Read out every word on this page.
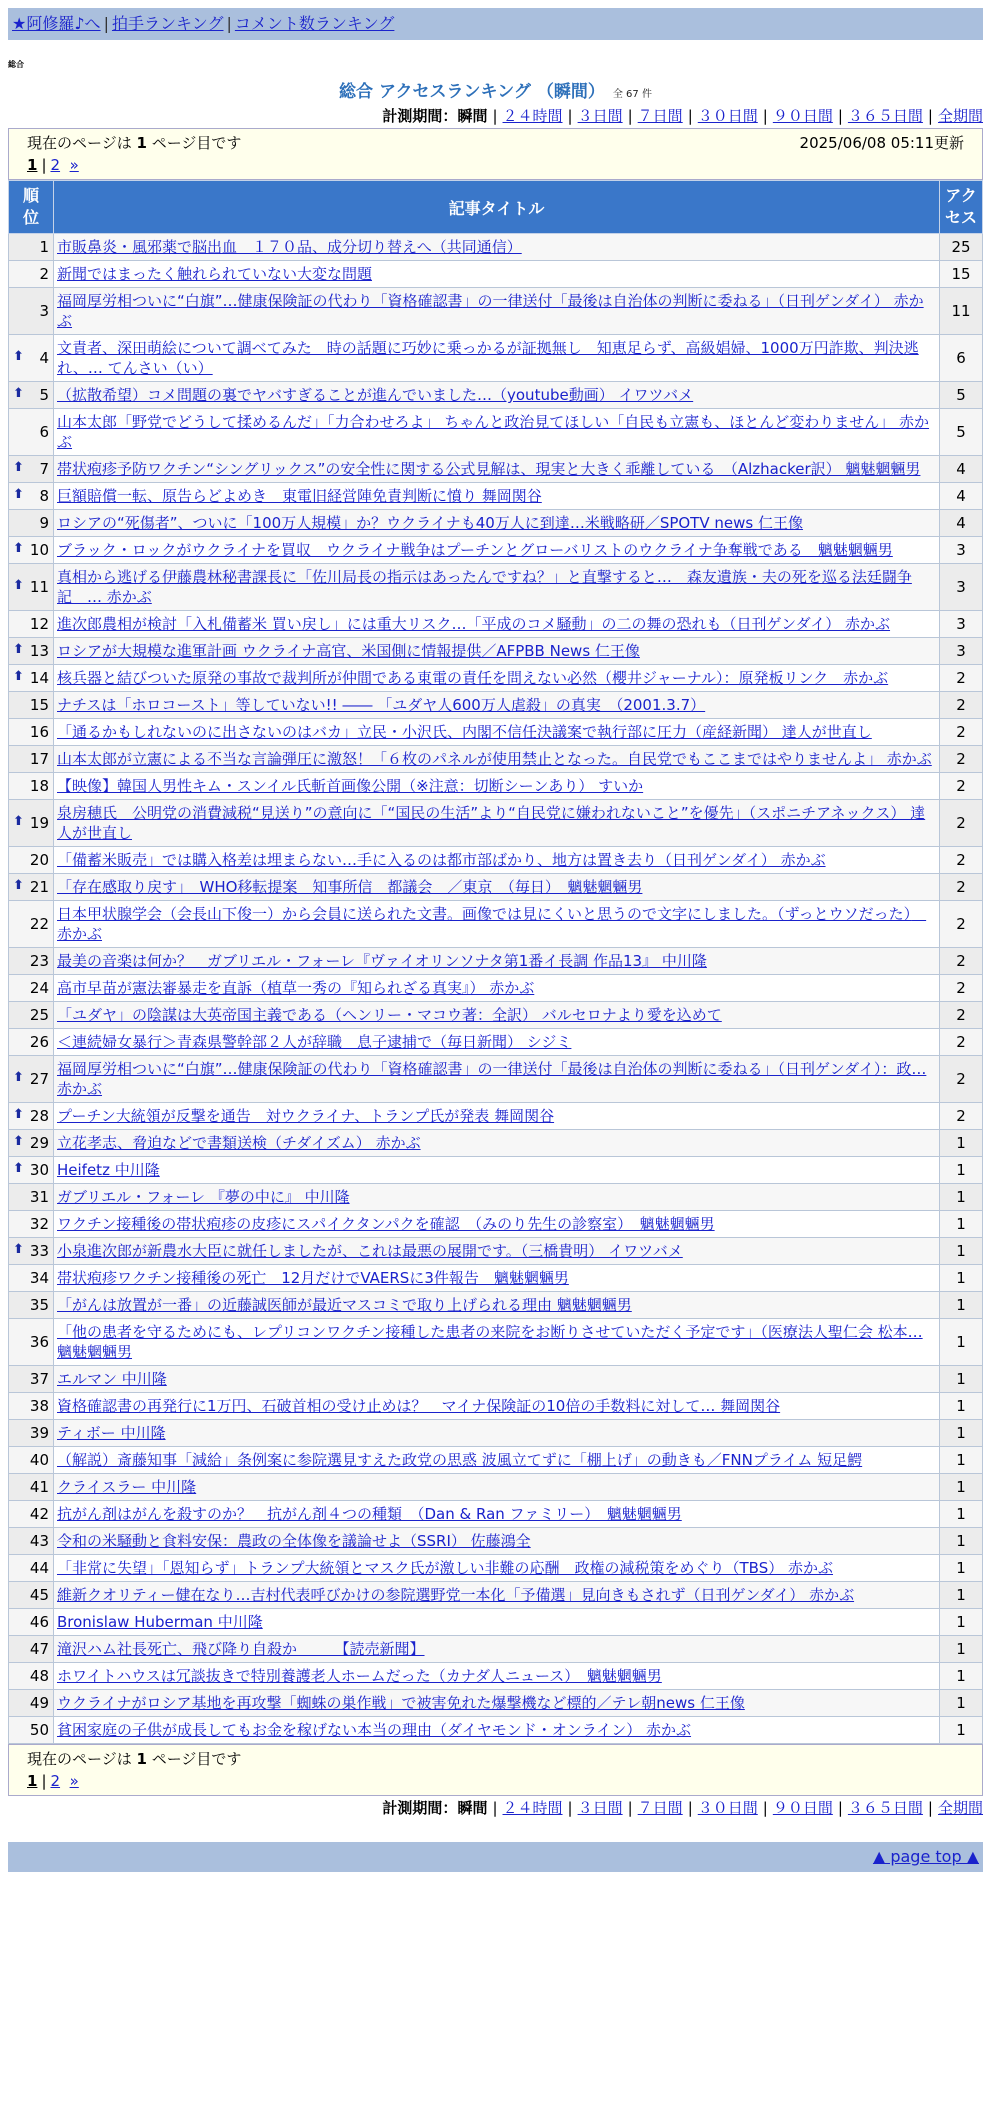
★阿修羅♪へ | 拍手ランキング | コメント数ランキング
総合
総合 アクセスランキング （瞬間） 全 67 件
計測期間：瞬間 | ２４時間 | ３日間 | ７日間 | ３０日間 | ９０日間 | ３６５日間 | 全期間
現在のページは 1 ページ目です	2025/06/08 05:11更新
1 | 2 »
順位	記事タイトル	アクセス
1	市販鼻炎・風邪薬で脳出血　１７０品、成分切り替えへ（共同通信）	25
2	新聞ではまったく触れられていない大変な問題	15
3	福岡厚労相ついに“白旗”…健康保険証の代わり「資格確認書」の一律送付「最後は自治体の判断に委ねる」（日刊ゲンダイ） 赤かぶ	11

⬆ 4	文責者、深田萌絵について調べてみた　時の話題に巧妙に乗っかるが証拠無し　知恵足らず、高級娼婦、1000万円詐欺、判決逃れ、… てんさい（い）	6

⬆ 5	（拡散希望）コメ問題の裏でヤバすぎることが進んでいました…（youtube動画） イワツバメ	5
6	山本太郎「野党でどうして揉めるんだ」「力合わせろよ」 ちゃんと政治見てほしい「自民も立憲も、ほとんど変わりません」 赤かぶ	5

⬆ 7	帯状疱疹予防ワクチン“シングリックス”の安全性に関する公式見解は、現実と大きく乖離している　（Alzhacker訳） 魑魅魍魎男	4

⬆ 8	巨額賠償一転、原告らどよめき　東電旧経営陣免責判断に憤り 舞岡関谷	4
9	ロシアの“死傷者”、ついに「100万人規模」か？ウクライナも40万人に到達…米戦略研／SPOTV news 仁王像	4

⬆ 10	ブラック・ロックがウクライナを買収　ウクライナ戦争はプーチンとグローバリストのウクライナ争奪戦である　魑魅魍魎男	3

⬆ 11	真相から逃げる伊藤農林秘書課長に「佐川局長の指示はあったんですね？」と直撃すると…　森友遺族・夫の死を巡る法廷闘争記　… 赤かぶ	3
12	進次郎農相が検討「入札備蓄米 買い戻し」には重大リスク…「平成のコメ騒動」の二の舞の恐れも（日刊ゲンダイ） 赤かぶ	3

⬆ 13	ロシアが大規模な進軍計画 ウクライナ高官、米国側に情報提供／AFPBB News 仁王像	3

⬆ 14	核兵器と結びついた原発の事故で裁判所が仲間である東電の責任を問えない必然（櫻井ジャーナル）：原発板リンク　赤かぶ	2
15	ナチスは「ホロコースト」等していない!! ―― 「ユダヤ人600万人虐殺」の真実　（2001.3.7）	2
16	「通るかもしれないのに出さないのはバカ」立民・小沢氏、内閣不信任決議案で執行部に圧力（産経新聞） 達人が世直し	2
17	山本太郎が立憲による不当な言論弾圧に激怒！「６枚のパネルが使用禁止となった。自民党でもここまではやりませんよ」 赤かぶ	2
18	【映像】韓国人男性キム・スンイル氏斬首画像公開（※注意：切断シーンあり） すいか	2

⬆ 19	泉房穂氏　公明党の消費減税“見送り”の意向に「“国民の生活”より“自民党に嫌われないこと”を優先」（スポニチアネックス） 達人が世直し	2
20	「備蓄米販売」では購入格差は埋まらない…手に入るのは都市部ばかり、地方は置き去り（日刊ゲンダイ） 赤かぶ	2

⬆ 21	「存在感取り戻す」　WHO移転提案　知事所信　都議会　／東京　（毎日）　魑魅魍魎男	2
22	日本甲状腺学会（会長山下俊一）から会員に送られた文書。画像では見にくいと思うので文字にしました。（ずっとウソだった）　赤かぶ	2
23	最美の音楽は何か？　ガブリエル・フォーレ『ヴァイオリンソナタ第1番イ長調 作品13』 中川隆	2
24	高市早苗が憲法審暴走を直訴（植草一秀の『知られざる真実』） 赤かぶ	2
25	「ユダヤ」の陰謀は大英帝国主義である（ヘンリー・マコウ著：全訳） バルセロナより愛を込めて	2
26	＜連続婦女暴行＞青森県警幹部２人が辞職　息子逮捕で（毎日新聞） シジミ	2

⬆ 27	福岡厚労相ついに“白旗”…健康保険証の代わり「資格確認書」の一律送付「最後は自治体の判断に委ねる」（日刊ゲンダイ）：政… 赤かぶ	2

⬆ 28	プーチン大統領が反撃を通告　対ウクライナ、トランプ氏が発表 舞岡関谷	2

⬆ 29	立花孝志、脅迫などで書類送検（チダイズム） 赤かぶ	1

⬆ 30	Heifetz 中川隆	1
31	ガブリエル・フォーレ 『夢の中に』 中川隆	1
32	ワクチン接種後の帯状疱疹の皮疹にスパイクタンパクを確認　（みのり先生の診察室）　魑魅魍魎男	1

⬆ 33	小泉進次郎が新農水大臣に就任しましたが、これは最悪の展開です。（三橋貴明） イワツバメ	1
34	帯状疱疹ワクチン接種後の死亡　12月だけでVAERSに3件報告　魑魅魍魎男	1
35	「がんは放置が一番」の近藤誠医師が最近マスコミで取り上げられる理由 魑魅魍魎男	1
36	「他の患者を守るためにも、レプリコンワクチン接種した患者の来院をお断りさせていただく予定です」（医療法人聖仁会 松本… 魑魅魍魎男	1
37	エルマン 中川隆	1
38	資格確認書の再発行に1万円、石破首相の受け止めは？　マイナ保険証の10倍の手数料に対して… 舞岡関谷	1
39	ティボー 中川隆	1
40	（解説）斎藤知事「減給」条例案に参院選見すえた政党の思惑 波風立てずに「棚上げ」の動きも／FNNプライム 短足鰐	1
41	クライスラー 中川隆	1
42	抗がん剤はがんを殺すのか？　抗がん剤４つの種類　（Dan & Ran ファミリー）　魑魅魍魎男	1
43	令和の米騒動と食料安保：農政の全体像を議論せよ（SSRI） 佐藤鴻全	1
44	「非常に失望」「恩知らず」トランプ大統領とマスク氏が激しい非難の応酬　政権の減税策をめぐり（TBS） 赤かぶ	1
45	維新クオリティー健在なり…吉村代表呼びかけの参院選野党一本化「予備選」見向きもされず（日刊ゲンダイ） 赤かぶ	1
46	Bronislaw Huberman 中川隆	1
47	滝沢ハム社長死亡、飛び降り自殺か　　　【読売新聞】	1
48	ホワイトハウスは冗談抜きで特別養護老人ホームだった（カナダ人ニュース）　魑魅魍魎男	1
49	ウクライナがロシア基地を再攻撃「蜘蛛の巣作戦」で被害免れた爆撃機など標的／テレ朝news 仁王像	1
50	貧困家庭の子供が成長してもお金を稼げない本当の理由（ダイヤモンド・オンライン） 赤かぶ	1
現在のページは 1 ページ目です
1 | 2 »
計測期間：瞬間 | ２４時間 | ３日間 | ７日間 | ３０日間 | ９０日間 | ３６５日間 | 全期間
▲ page top ▲
